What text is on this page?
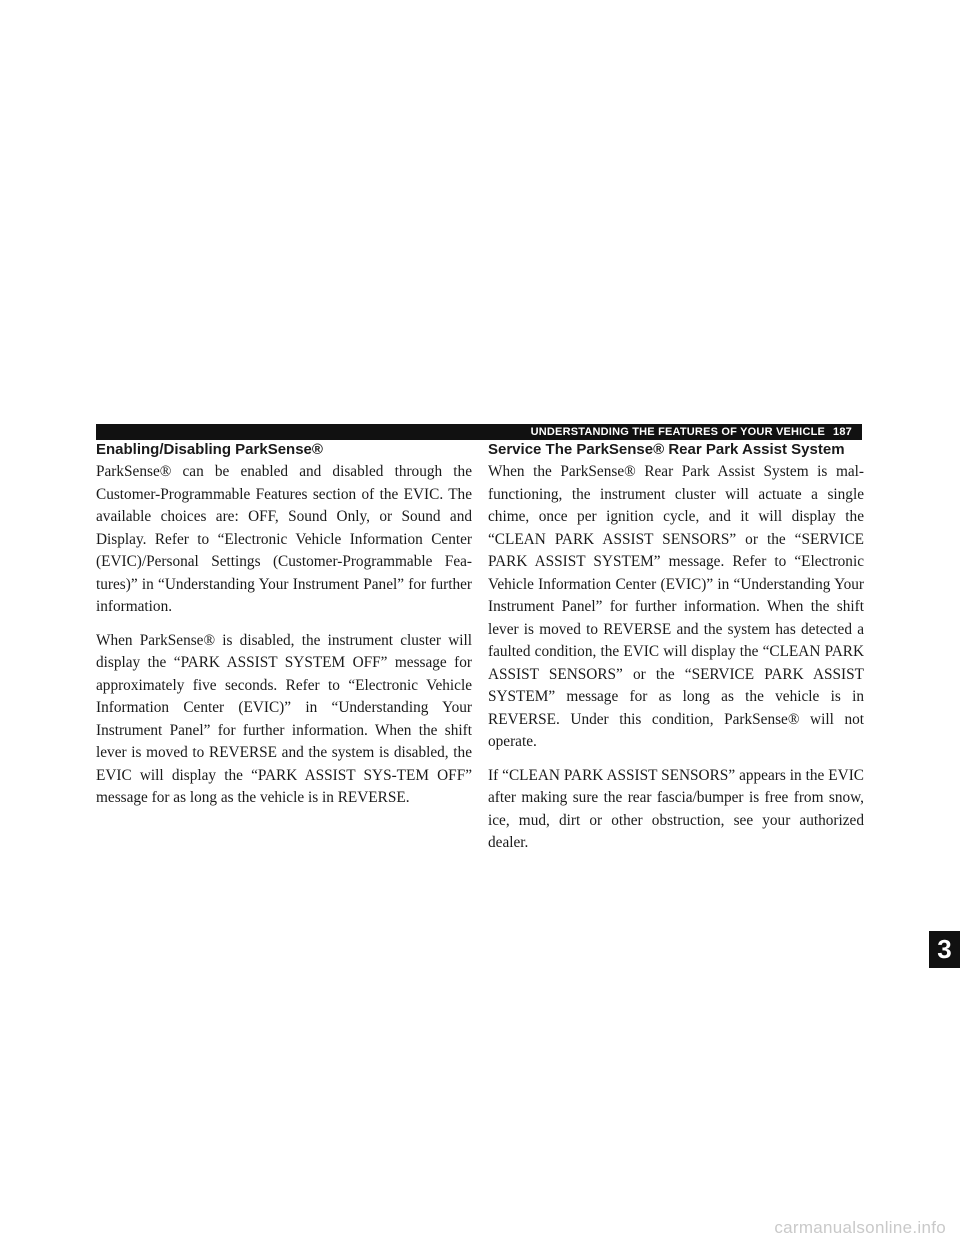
UNDERSTANDING THE FEATURES OF YOUR VEHICLE 187
Enabling/Disabling ParkSense®

ParkSense® can be enabled and disabled through the Customer-Programmable Features section of the EVIC. The available choices are: OFF, Sound Only, or Sound and Display. Refer to “Electronic Vehicle Information Center (EVIC)/Personal Settings (Customer-Programmable Fea-tures)” in “Understanding Your Instrument Panel” for further information.

When ParkSense® is disabled, the instrument cluster will display the “PARK ASSIST SYSTEM OFF” message for approximately five seconds. Refer to “Electronic Vehicle Information Center (EVIC)” in “Understanding Your Instrument Panel” for further information. When the shift lever is moved to REVERSE and the system is disabled, the EVIC will display the “PARK ASSIST SYS-TEM OFF” message for as long as the vehicle is in REVERSE.

Service The ParkSense® Rear Park Assist System

When the ParkSense® Rear Park Assist System is mal-functioning, the instrument cluster will actuate a single chime, once per ignition cycle, and it will display the “CLEAN PARK ASSIST SENSORS” or the “SERVICE PARK ASSIST SYSTEM” message. Refer to “Electronic Vehicle Information Center (EVIC)” in “Understanding Your Instrument Panel” for further information. When the shift lever is moved to REVERSE and the system has detected a faulted condition, the EVIC will display the “CLEAN PARK ASSIST SENSORS” or the “SERVICE PARK ASSIST SYSTEM” message for as long as the vehicle is in REVERSE. Under this condition, ParkSense® will not operate.

If “CLEAN PARK ASSIST SENSORS” appears in the EVIC after making sure the rear fascia/bumper is free from snow, ice, mud, dirt or other obstruction, see your authorized dealer.

3
carmanualsonline.info
